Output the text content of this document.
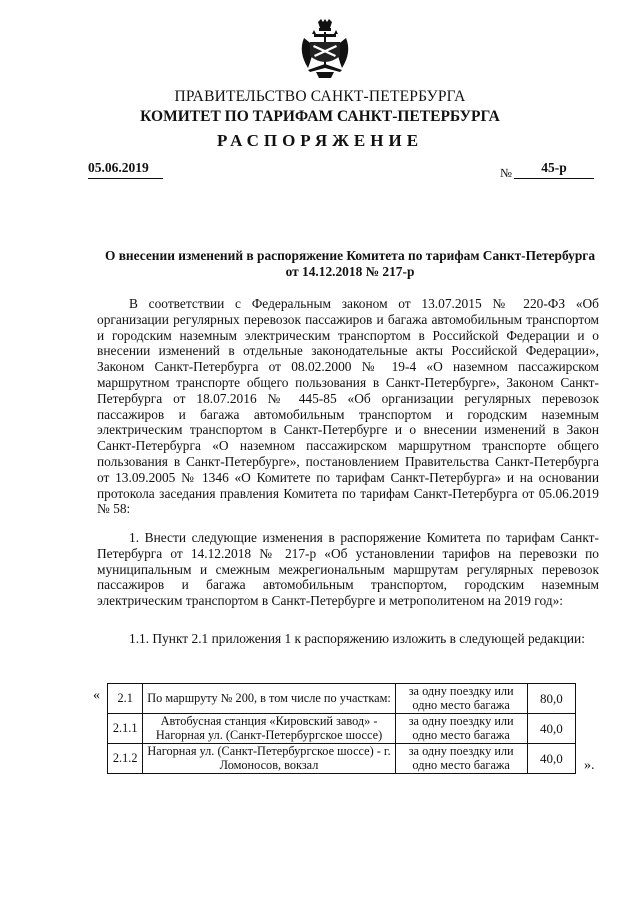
ПРАВИТЕЛЬСТВО САНКТ-ПЕТЕРБУРГА
КОМИТЕТ ПО ТАРИФАМ САНКТ-ПЕТЕРБУРГА
РАСПОРЯЖЕНИЕ
05.06.2019	№	45-р
О внесении изменений в распоряжение Комитета по тарифам Санкт-Петербурга от 14.12.2018 № 217-р
В соответствии с Федеральным законом от 13.07.2015 № 220-ФЗ «Об организации регулярных перевозок пассажиров и багажа автомобильным транспортом и городским наземным электрическим транспортом в Российской Федерации и о внесении изменений в отдельные законодательные акты Российской Федерации», Законом Санкт-Петербурга от 08.02.2000 № 19-4 «О наземном пассажирском маршрутном транспорте общего пользования в Санкт-Петербурге», Законом Санкт-Петербурга от 18.07.2016 № 445-85 «Об организации регулярных перевозок пассажиров и багажа автомобильным транспортом и городским наземным электрическим транспортом в Санкт-Петербурге и о внесении изменений в Закон Санкт-Петербурга «О наземном пассажирском маршрутном транспорте общего пользования в Санкт-Петербурге», постановлением Правительства Санкт-Петербурга от 13.09.2005 № 1346 «О Комитете по тарифам Санкт-Петербурга» и на основании протокола заседания правления Комитета по тарифам Санкт-Петербурга от 05.06.2019 № 58:
1. Внести следующие изменения в распоряжение Комитета по тарифам Санкт-Петербурга от 14.12.2018 № 217-р «Об установлении тарифов на перевозки по муниципальным и смежным межрегиональным маршрутам регулярных перевозок пассажиров и багажа автомобильным транспортом, городским наземным электрическим транспортом в Санкт-Петербурге и метрополитеном на 2019 год»:
1.1. Пункт 2.1 приложения 1 к распоряжению изложить в следующей редакции:
« 2.1	По маршруту № 200, в том числе по участкам:	за одну поездку или одно место багажа	80,0
2.1.1	Автобусная станция «Кировский завод» - Нагорная ул. (Санкт-Петербургское шоссе)	за одну поездку или одно место багажа	40,0
2.1.2	Нагорная ул. (Санкт-Петербургское шоссе) - г. Ломоносов, вокзал	за одну поездку или одно место багажа	40,0 ».
